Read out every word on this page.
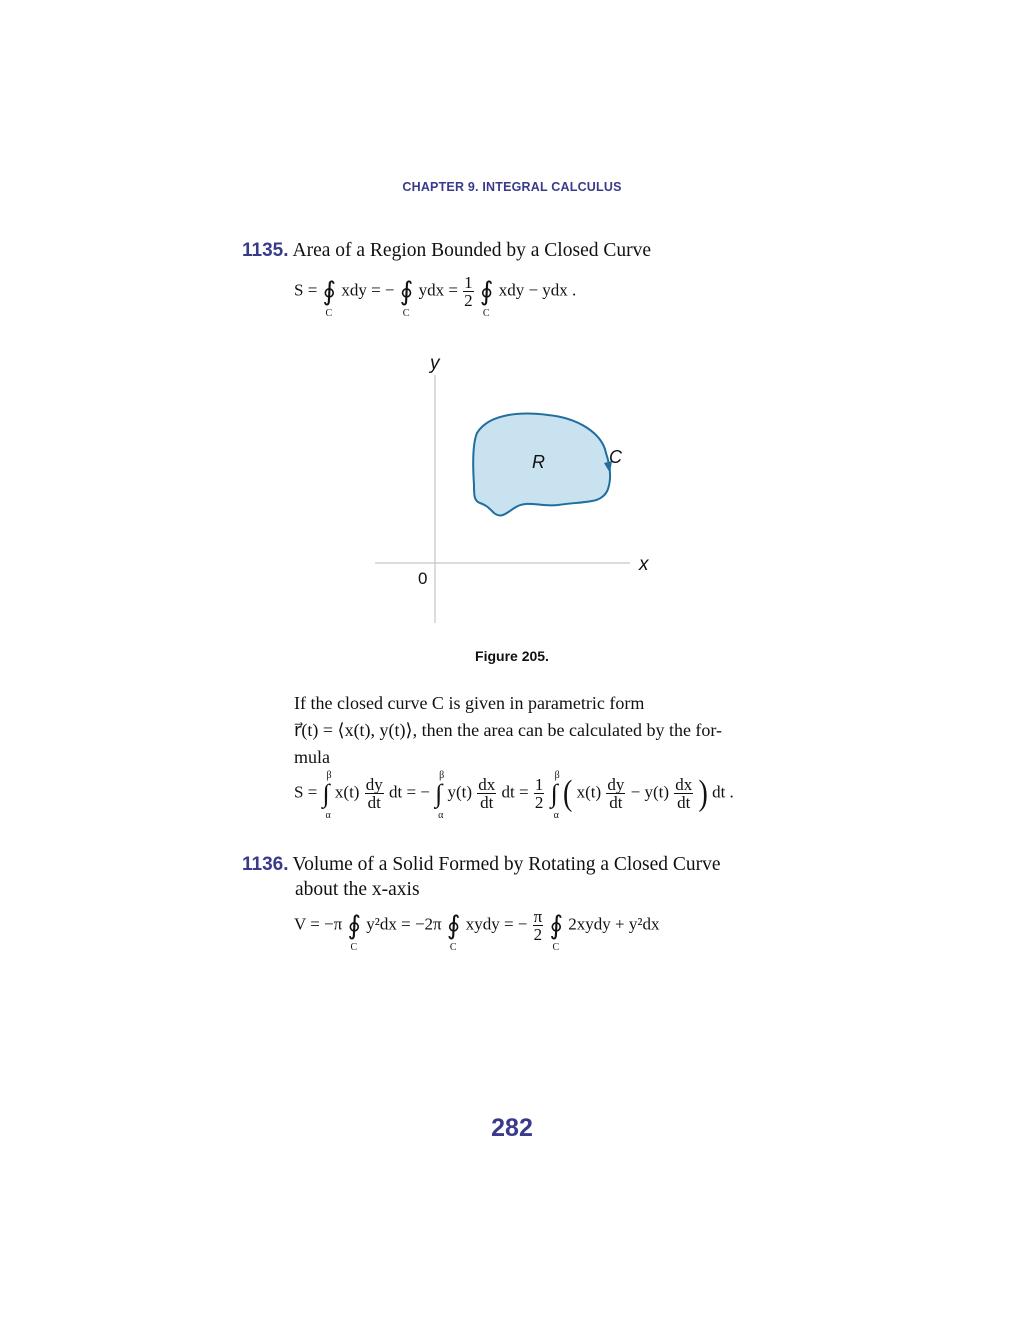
CHAPTER 9. INTEGRAL CALCULUS
1135. Area of a Region Bounded by a Closed Curve
S = ∮
C
xdy = − ∮
C
ydx = $\frac{1}{2}$ ∮
C
xdy − ydx .
y
x
0
R	C
Figure 205.
If the closed curve C is given in parametric form
r⃗(t) = ⟨x(t), y(t)⟩, then the area can be calculated by the for-
mula
S = ∫
β
α
$x(t) \frac{dy}{dt}$ dt = − ∫
β
α
$y(t) \frac{dx}{dt}$ dt = $\frac{1}{2}$ ∫
β
α
( $x(t) \frac{dy}{dt} - y(t) \frac{dx}{dt}$ ) dt .
1136. Volume of a Solid Formed by Rotating a Closed Curve
about the x-axis
V = −π ∮
C
y²dx = −2π ∮
C
xydy = − $\frac{\pi}{2}$ ∮
C
2xydy + y²dx
282
